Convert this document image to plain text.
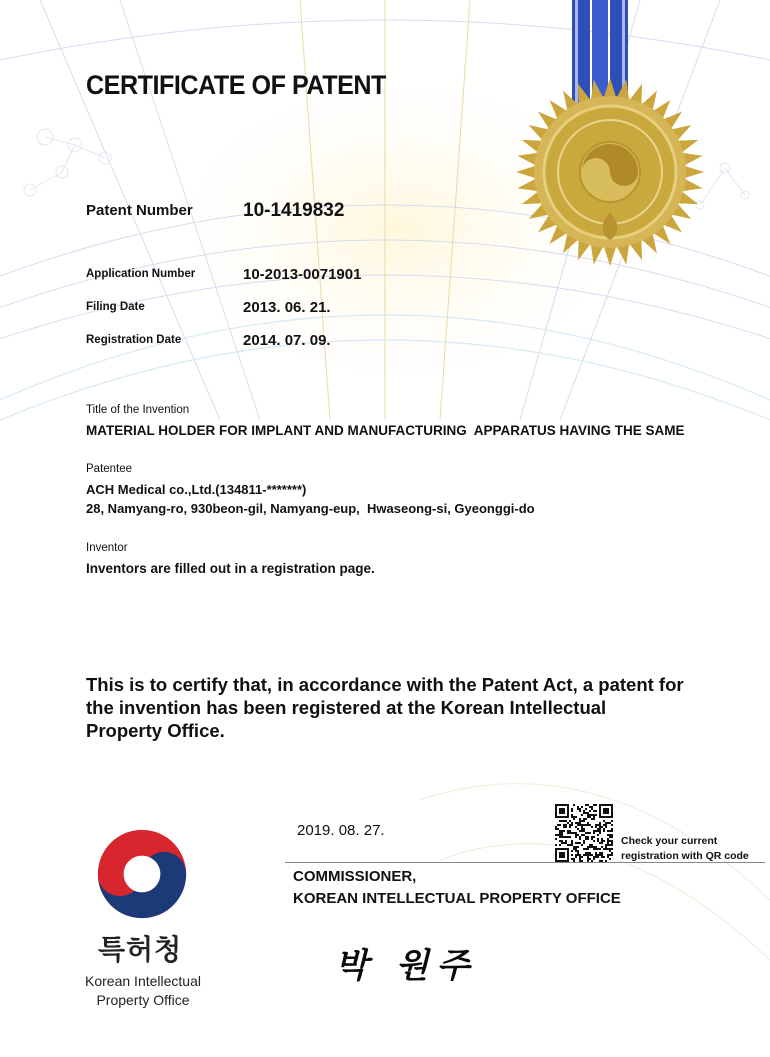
CERTIFICATE OF PATENT
Patent Number	10-1419832
Application Number	10-2013-0071901
Filing Date	2013. 06. 21.
Registration Date	2014. 07. 09.
Title of the Invention
MATERIAL HOLDER FOR IMPLANT AND MANUFACTURING  APPARATUS HAVING THE SAME
Patentee
ACH Medical co.,Ltd.(134811-*******)
28, Namyang-ro, 930beon-gil, Namyang-eup,  Hwaseong-si, Gyeonggi-do
Inventor
Inventors are filled out in a registration page.
This is to certify that, in accordance with the Patent Act, a patent for the invention has been registered at the Korean Intellectual Property Office.
2019. 08. 27.
Check your current registration with QR code
COMMISSIONER,
KOREAN INTELLECTUAL PROPERTY OFFICE
특허청
Korean Intellectual Property Office
박 원주
